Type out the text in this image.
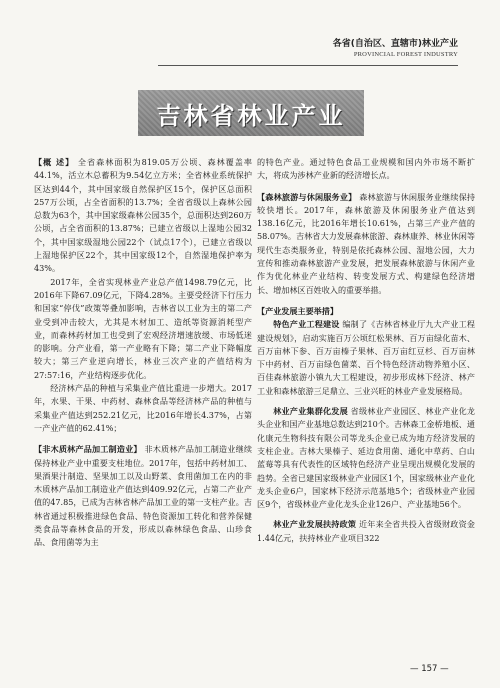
各省(自治区、直辖市)林业产业
PROVINCIAL FOREST INDUSTRY
吉林省林业产业

【概 述】 全省森林面积为819.05万公顷、森林覆盖率44.1%，活立木总蓄积为9.54亿立方米；全省林业系统保护区达到44个，其中国家级自然保护区15个，保护区总面积257万公顷，占全省面积的13.7%；全省省级以上森林公园总数为63个，其中国家级森林公园35个，总面积达到260万公顷，占全省面积的13.87%；已建立省级以上湿地公园32个，其中国家级湿地公园22个（试点17个），已建立省级以上湿地保护区22个，其中国家级12个，自然湿地保护率为43%。

2017年，全省实现林业产业总产值1498.79亿元，比2016年下降67.09亿元，下降4.28%。主要受经济下行压力和国家“停伐”政策等叠加影响，吉林省以工业为主的第二产业受到冲击较大，尤其是木材加工、造纸等资源消耗型产业，而森林药材加工也受到了宏观经济增速放缓、市场低迷的影响。分产业看，第一产业略有下降；第二产业下降幅度较大；第三产业逆向增长，林业三次产业的产值结构为27:57:16，产业结构逐步优化。

经济林产品的种植与采集业产值比重进一步增大。2017年，水果、干果、中药材、森林食品等经济林产品的种植与采集业产值达到252.21亿元，比2016年增长4.37%，占第一产业产值的62.41%；

【非木质林产品加工制造业】 非木质林产品加工制造业继续保持林业产业中重要支柱地位。2017年，包括中药材加工、果酒果汁制造、坚果加工以及山野菜、食用菌加工在内的非木质林产品加工制造业产值达到409.92亿元，占第二产业产值的47.85，已成为吉林省林产品加工业的第一支柱产业。吉林省通过积极推进绿色食品、特色资源加工转化和营养保健类食品等森林食品的开发，形成以森林绿色食品、山珍食品、食用菌等为主

的特色产业。通过特色食品工业规模和国内外市场不断扩大，将成为涉林产业新的经济增长点。

【森林旅游与休闲服务业】 森林旅游与休闲服务业继续保持较快增长。2017年，森林旅游及休闲服务业产值达到138.16亿元，比2016年增长10.61%，占第三产业产值的58.07%。吉林省大力发展森林旅游、森林康养、林业休闲等现代生态类服务业，特别是依托森林公园、湿地公园，大力宣传和推动森林旅游产业发展，把发展森林旅游与休闲产业作为优化林业产业结构、转变发展方式、构建绿色经济增长、增加林区百姓收入的重要举措。

【产业发展主要举措】

特色产业工程建设 编制了《吉林省林业厅九大产业工程建设规划》，启动实施百万公顷红松果林、百万亩绿化苗木、百万亩林下参、百万亩榛子果林、百万亩红豆杉、百万亩林下中药材、百万亩绿色菌菜、百个特色经济动物养殖小区、百佳森林旅游小镇九大工程建设，初步形成林下经济、林产工业和森林旅游三足鼎立、三业兴旺的林业产业发展格局。

林业产业集群化发展 省级林业产业园区、林业产业化龙头企业和国产业基地总数达到210个。吉林森工金桥地板、通化康元生物科技有限公司等龙头企业已成为地方经济发展的支柱企业。吉林大果榛子、延边食用菌、通化中草药、白山蓝莓等具有代表性的区域特色经济产业呈现出规模化发展的趋势。全省已建国家级林业产业园区1个，国家级林业产业化龙头企业6户，国家林下经济示范基地5个；省级林业产业园区9个，省级林业产业化龙头企业126户、产业基地56个。

林业产业发展扶持政策 近年来全省共投入省级财政资金1.44亿元，扶持林业产业项目322

— 157 —
